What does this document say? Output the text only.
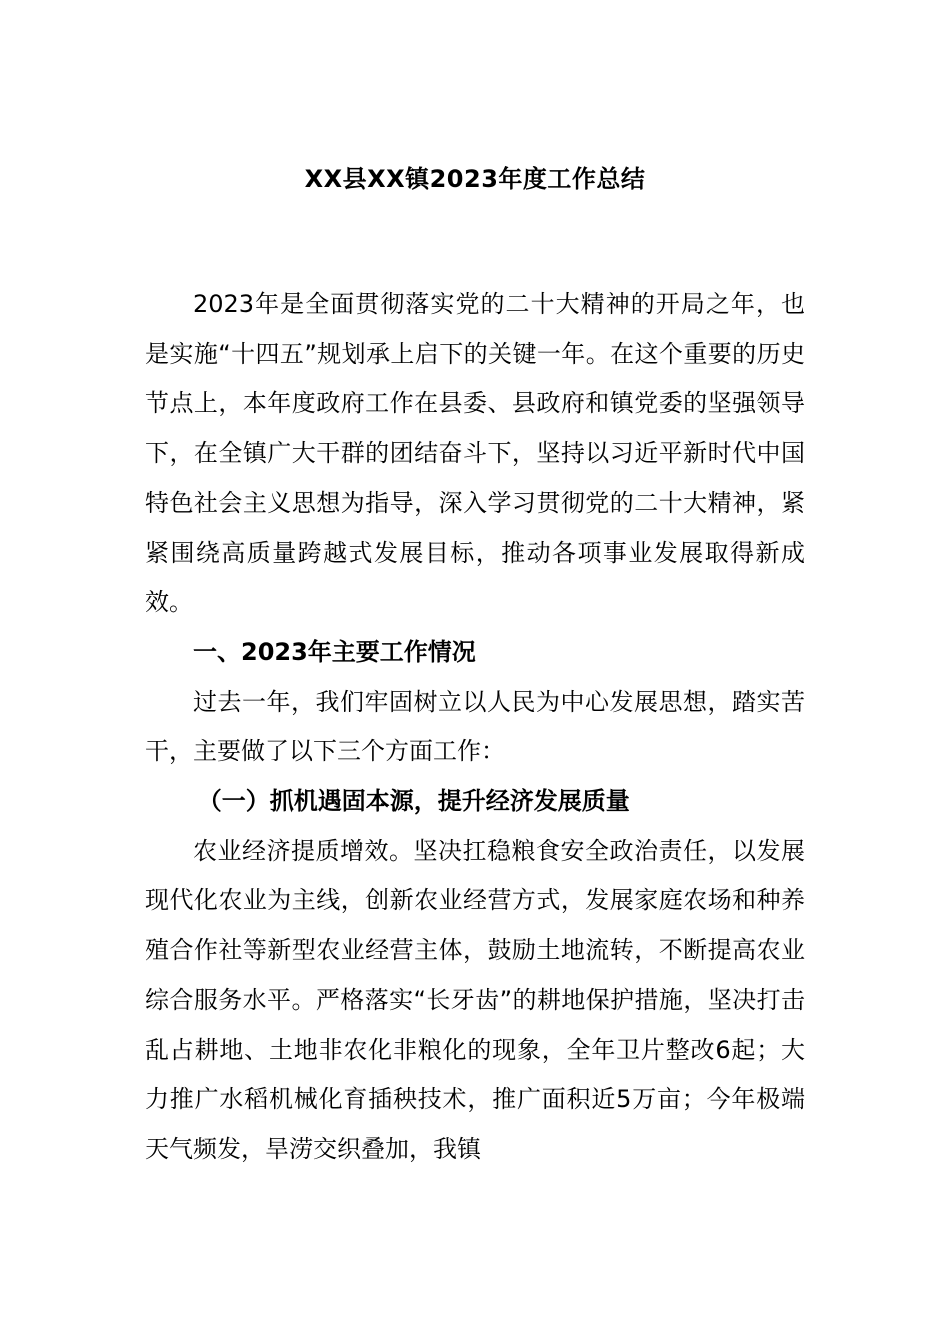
XX县XX镇2023年度工作总结

2023年是全面贯彻落实党的二十大精神的开局之年，也是实施“十四五”规划承上启下的关键一年。在这个重要的历史节点上，本年度政府工作在县委、县政府和镇党委的坚强领导下，在全镇广大干群的团结奋斗下，坚持以习近平新时代中国特色社会主义思想为指导，深入学习贯彻党的二十大精神，紧紧围绕高质量跨越式发展目标，推动各项事业发展取得新成效。

一、2023年主要工作情况

过去一年，我们牢固树立以人民为中心发展思想，踏实苦干，主要做了以下三个方面工作：

（一）抓机遇固本源，提升经济发展质量

农业经济提质增效。坚决扛稳粮食安全政治责任，以发展现代化农业为主线，创新农业经营方式，发展家庭农场和种养殖合作社等新型农业经营主体，鼓励土地流转，不断提高农业综合服务水平。严格落实“长牙齿”的耕地保护措施，坚决打击乱占耕地、土地非农化非粮化的现象，全年卫片整改6起；大力推广水稻机械化育插秧技术，推广面积近5万亩；今年极端天气频发，旱涝交织叠加，我镇
